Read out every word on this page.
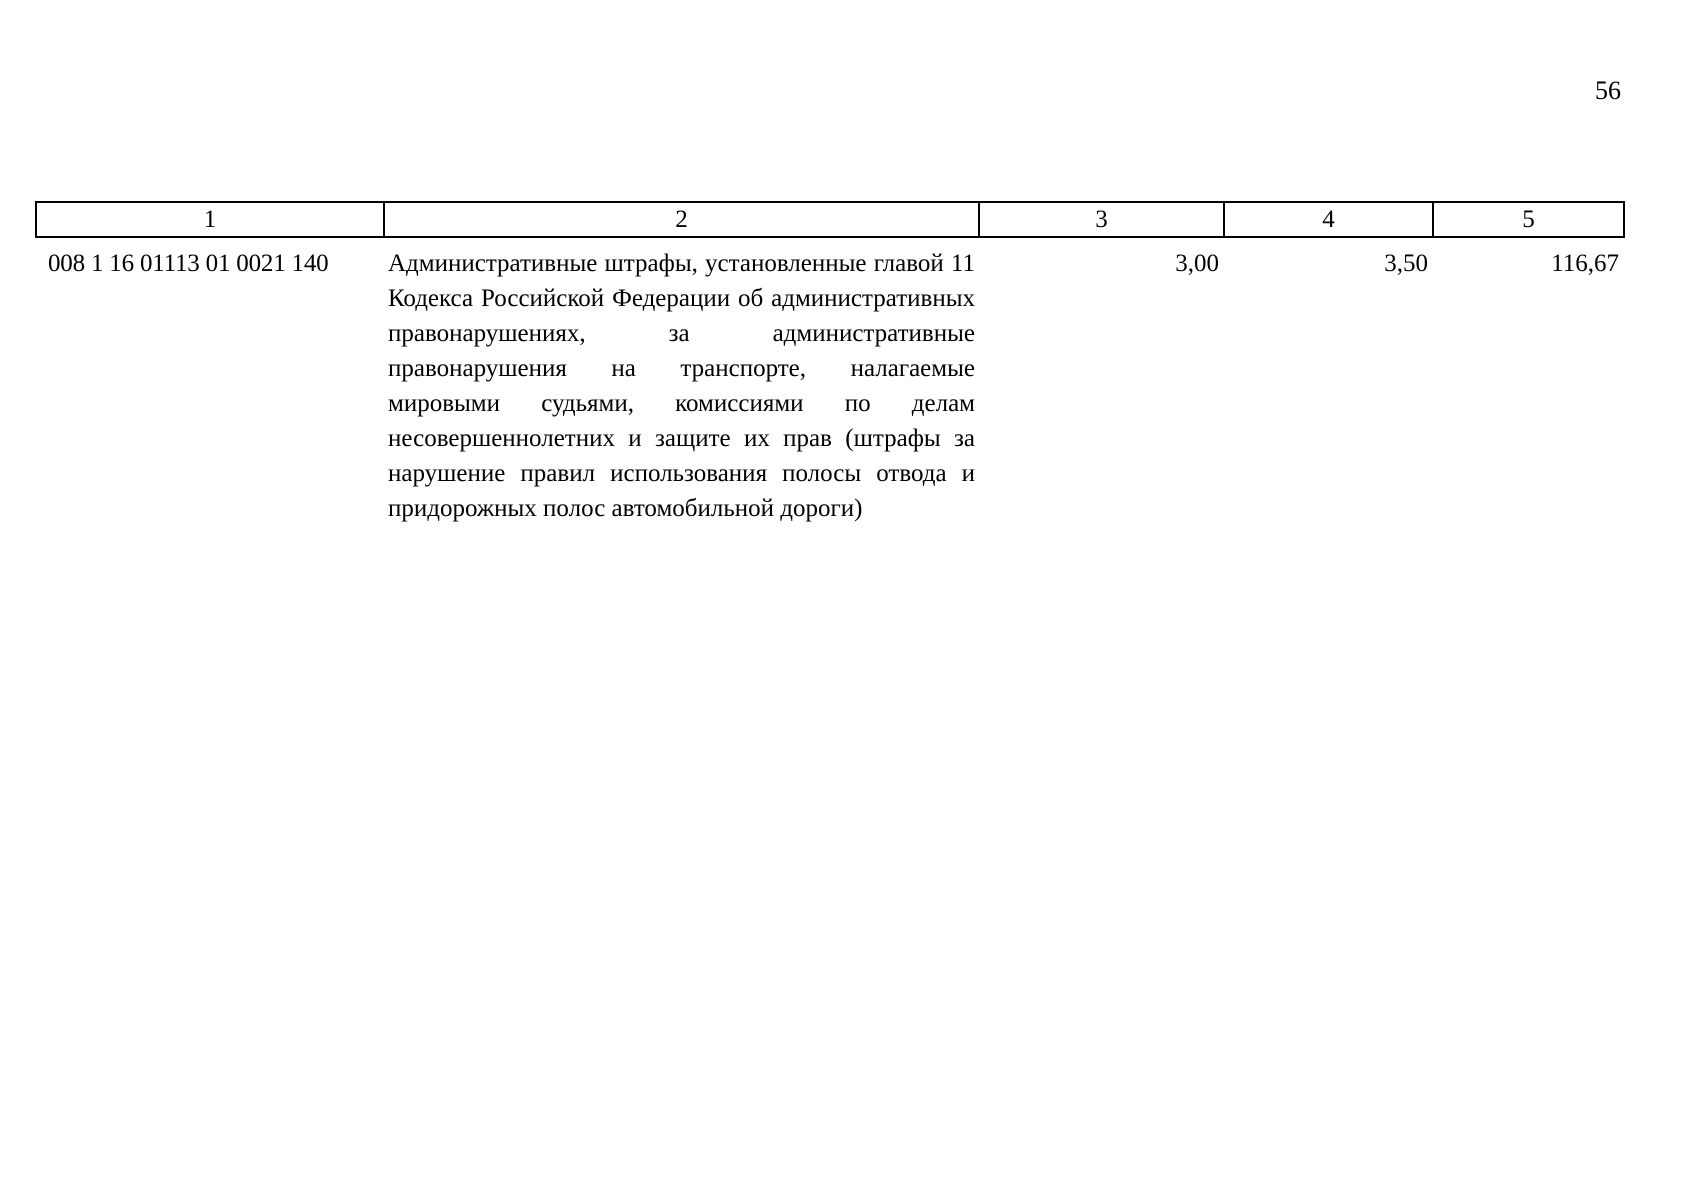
56
1	2	3	4	5
008 1 16 01113 01 0021 140	Административные штрафы, установленные главой 11 Кодекса Российской Федерации об административных правонарушениях, за административные правонарушения на транспорте, налагаемые мировыми судьями, комиссиями по делам несовершеннолетних и защите их прав (штрафы за нарушение правил использования полосы отвода и придорожных полос автомобильной дороги)	3,00	3,50	116,67
